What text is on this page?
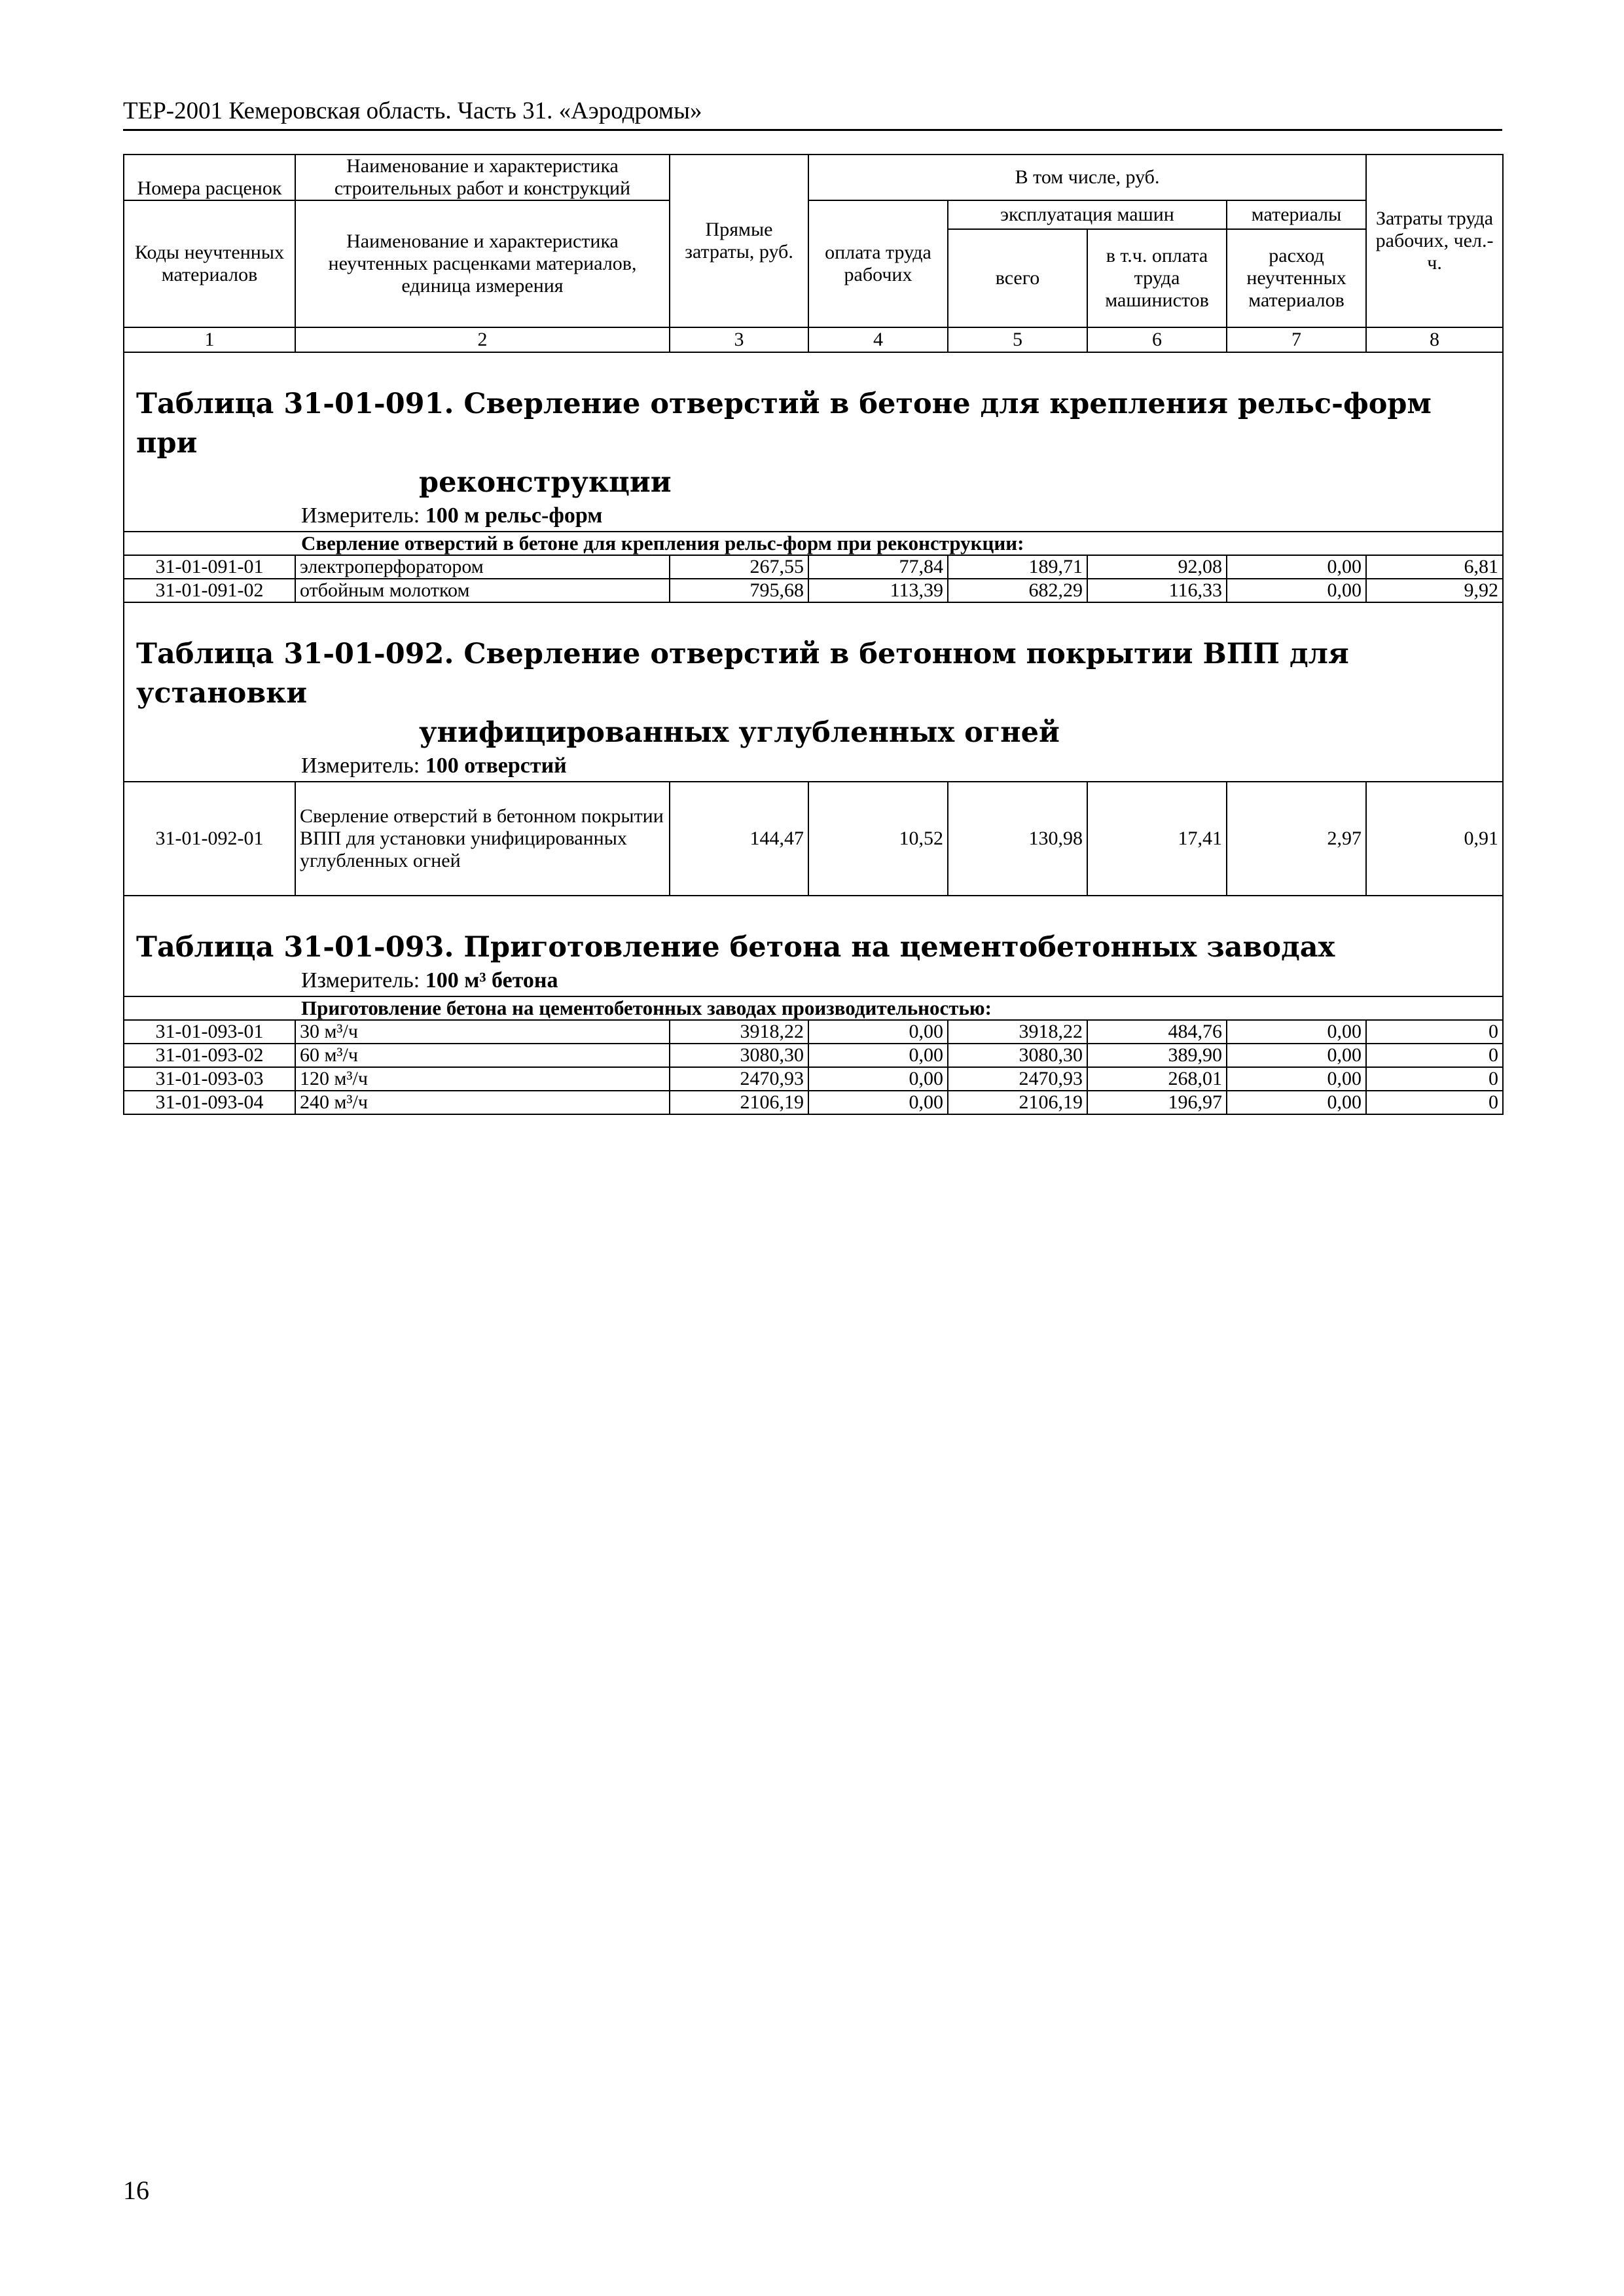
ТЕР-2001 Кемеровская область. Часть 31. «Аэродромы»
Номера расценок	Наименование и характеристика строительных работ и конструкций	Прямые затраты, руб.	В том числе, руб.				Затраты труда рабочих, чел.-ч.
Коды неучтенных материалов	Наименование и характеристика неучтенных расценками материалов, единица измерения		оплата труда рабочих	эксплуатация машин		материалы	
				всего	в т.ч. оплата труда машинистов	расход неучтенных материалов	
1	2	3	4	5	6	7	8

Таблица 31-01-091. Сверление отверстий в бетоне для крепления рельс-форм при
реконструкции							

Измеритель: 100 м рельс-форм							

Сверление отверстий в бетоне для крепления рельс-форм при реконструкции:							

31-01-091-01	электроперфоратором	267,55	77,84	189,71	92,08	0,00	6,81
31-01-091-02	отбойным молотком	795,68	113,39	682,29	116,33	0,00	9,92

Таблица 31-01-092. Сверление отверстий в бетонном покрытии ВПП для установки
унифицированных углубленных огней							

Измеритель: 100 отверстий							

31-01-092-01	Сверление отверстий в бетонном покрытии ВПП для установки унифицированных углубленных огней	144,47	10,52	130,98	17,41	2,97	0,91

Таблица 31-01-093. Приготовление бетона на цементобетонных заводах							

Измеритель: 100 м³ бетона							

Приготовление бетона на цементобетонных заводах производительностью:							

31-01-093-01	30 м³/ч	3918,22	0,00	3918,22	484,76	0,00	0
31-01-093-02	60 м³/ч	3080,30	0,00	3080,30	389,90	0,00	0
31-01-093-03	120 м³/ч	2470,93	0,00	2470,93	268,01	0,00	0
31-01-093-04	240 м³/ч	2106,19	0,00	2106,19	196,97	0,00	0
16
